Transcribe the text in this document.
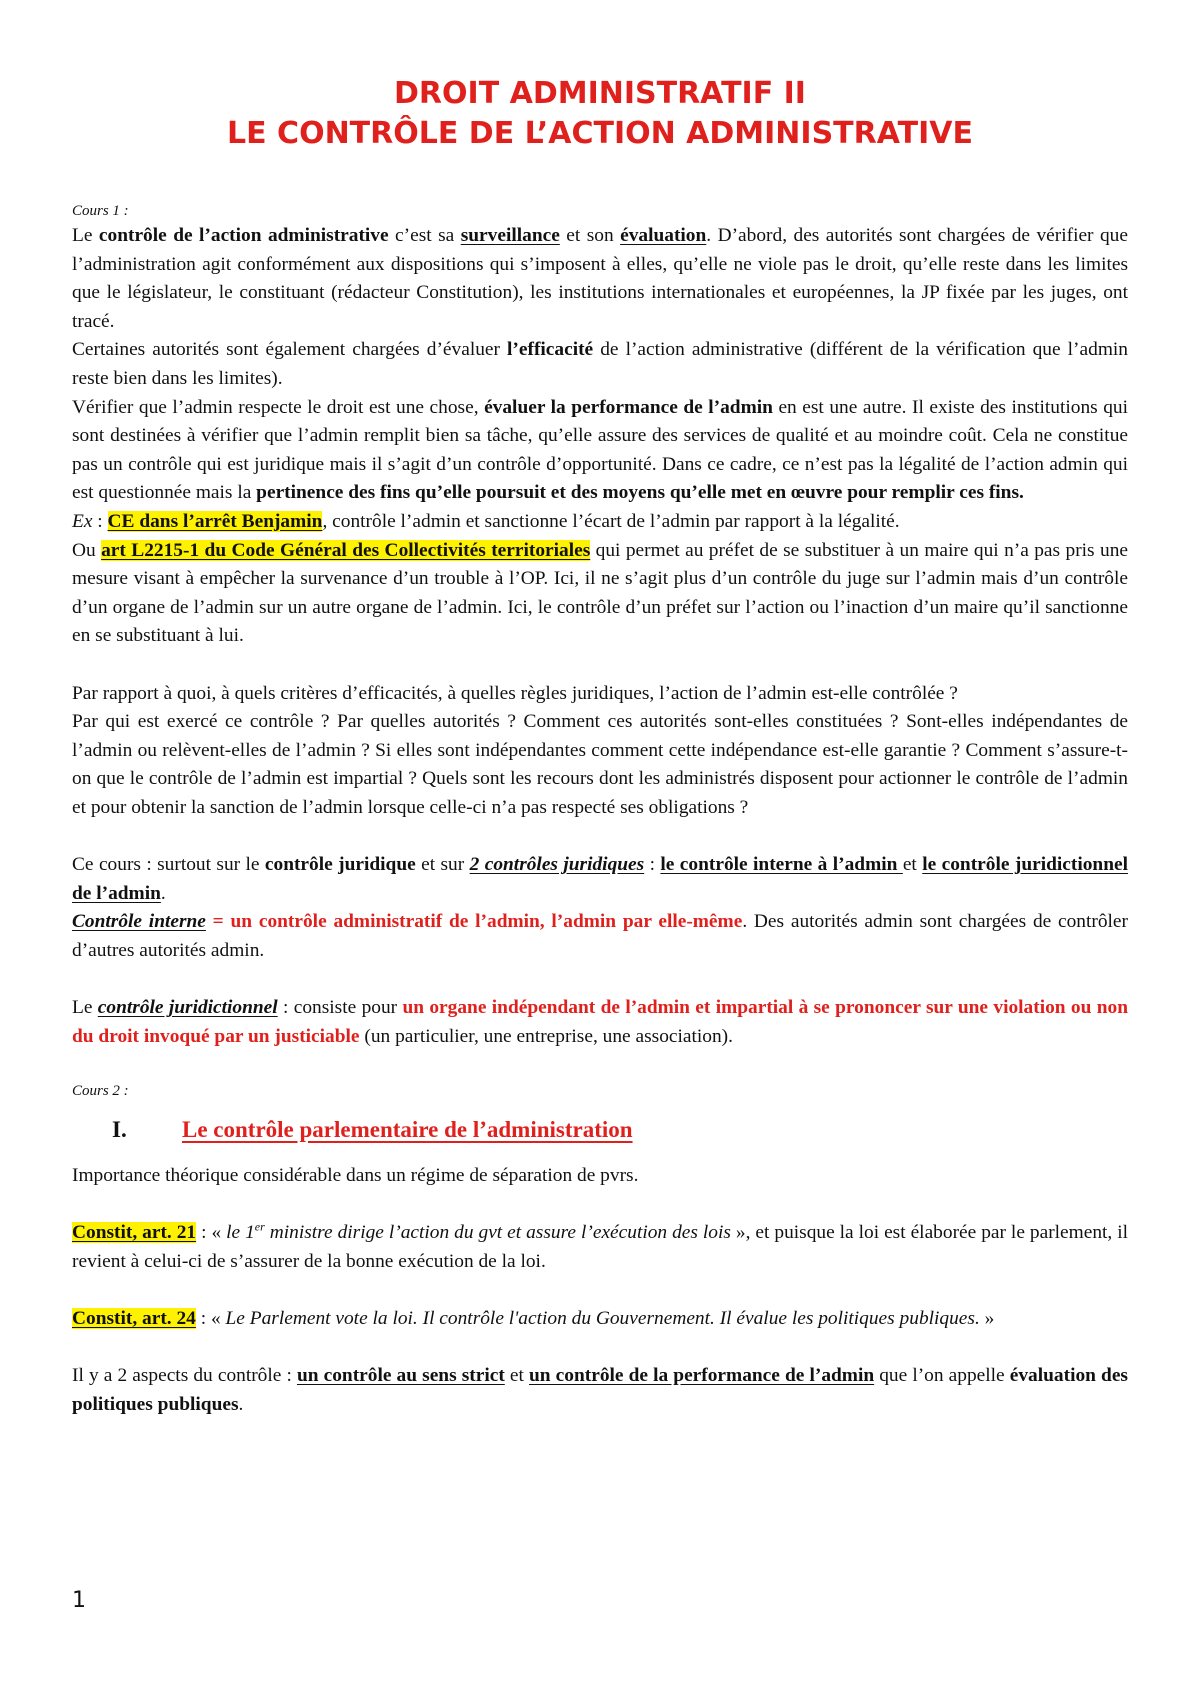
DROIT ADMINISTRATIF II

LE CONTRÔLE DE L’ACTION ADMINISTRATIVE

Cours 1 :

Le contrôle de l’action administrative c’est sa surveillance et son évaluation. D’abord, des autorités sont chargées de vérifier que l’administration agit conformément aux dispositions qui s’imposent à elles, qu’elle ne viole pas le droit, qu’elle reste dans les limites que le législateur, le constituant (rédacteur Constitution), les institutions internationales et européennes, la JP fixée par les juges, ont tracé.

Certaines autorités sont également chargées d’évaluer l’efficacité de l’action administrative (différent de la vérification que l’admin reste bien dans les limites).

Vérifier que l’admin respecte le droit est une chose, évaluer la performance de l’admin en est une autre. Il existe des institutions qui sont destinées à vérifier que l’admin remplit bien sa tâche, qu’elle assure des services de qualité et au moindre coût. Cela ne constitue pas un contrôle qui est juridique mais il s’agit d’un contrôle d’opportunité. Dans ce cadre, ce n’est pas la légalité de l’action admin qui est questionnée mais la pertinence des fins qu’elle poursuit et des moyens qu’elle met en œuvre pour remplir ces fins.

Ex : CE dans l’arrêt Benjamin, contrôle l’admin et sanctionne l’écart de l’admin par rapport à la légalité.

Ou art L2215-1 du Code Général des Collectivités territoriales qui permet au préfet de se substituer à un maire qui n’a pas pris une mesure visant à empêcher la survenance d’un trouble à l’OP. Ici, il ne s’agit plus d’un contrôle du juge sur l’admin mais d’un contrôle d’un organe de l’admin sur un autre organe de l’admin. Ici, le contrôle d’un préfet sur l’action ou l’inaction d’un maire qu’il sanctionne en se substituant à lui.

Par rapport à quoi, à quels critères d’efficacités, à quelles règles juridiques, l’action de l’admin est-elle contrôlée ?

Par qui est exercé ce contrôle ? Par quelles autorités ? Comment ces autorités sont-elles constituées ? Sont-elles indépendantes de l’admin ou relèvent-elles de l’admin ? Si elles sont indépendantes comment cette indépendance est-elle garantie ? Comment s’assure-t-on que le contrôle de l’admin est impartial ? Quels sont les recours dont les administrés disposent pour actionner le contrôle de l’admin et pour obtenir la sanction de l’admin lorsque celle-ci n’a pas respecté ses obligations ?

Ce cours : surtout sur le contrôle juridique et sur 2 contrôles juridiques : le contrôle interne à l’admin et le contrôle juridictionnel de l’admin.

Contrôle interne = un contrôle administratif de l’admin, l’admin par elle-même. Des autorités admin sont chargées de contrôler d’autres autorités admin.

Le contrôle juridictionnel : consiste pour un organe indépendant de l’admin et impartial à se prononcer sur une violation ou non du droit invoqué par un justiciable (un particulier, une entreprise, une association).

Cours 2 :

I.	Le contrôle parlementaire de l’administration

Importance théorique considérable dans un régime de séparation de pvrs.

Constit, art. 21 : « le 1er ministre dirige l’action du gvt et assure l’exécution des lois », et puisque la loi est élaborée par le parlement, il revient à celui-ci de s’assurer de la bonne exécution de la loi.

Constit, art. 24 : « Le Parlement vote la loi. Il contrôle l'action du Gouvernement. Il évalue les politiques publiques. »

Il y a 2 aspects du contrôle : un contrôle au sens strict et un contrôle de la performance de l’admin que l’on appelle évaluation des politiques publiques.

1
